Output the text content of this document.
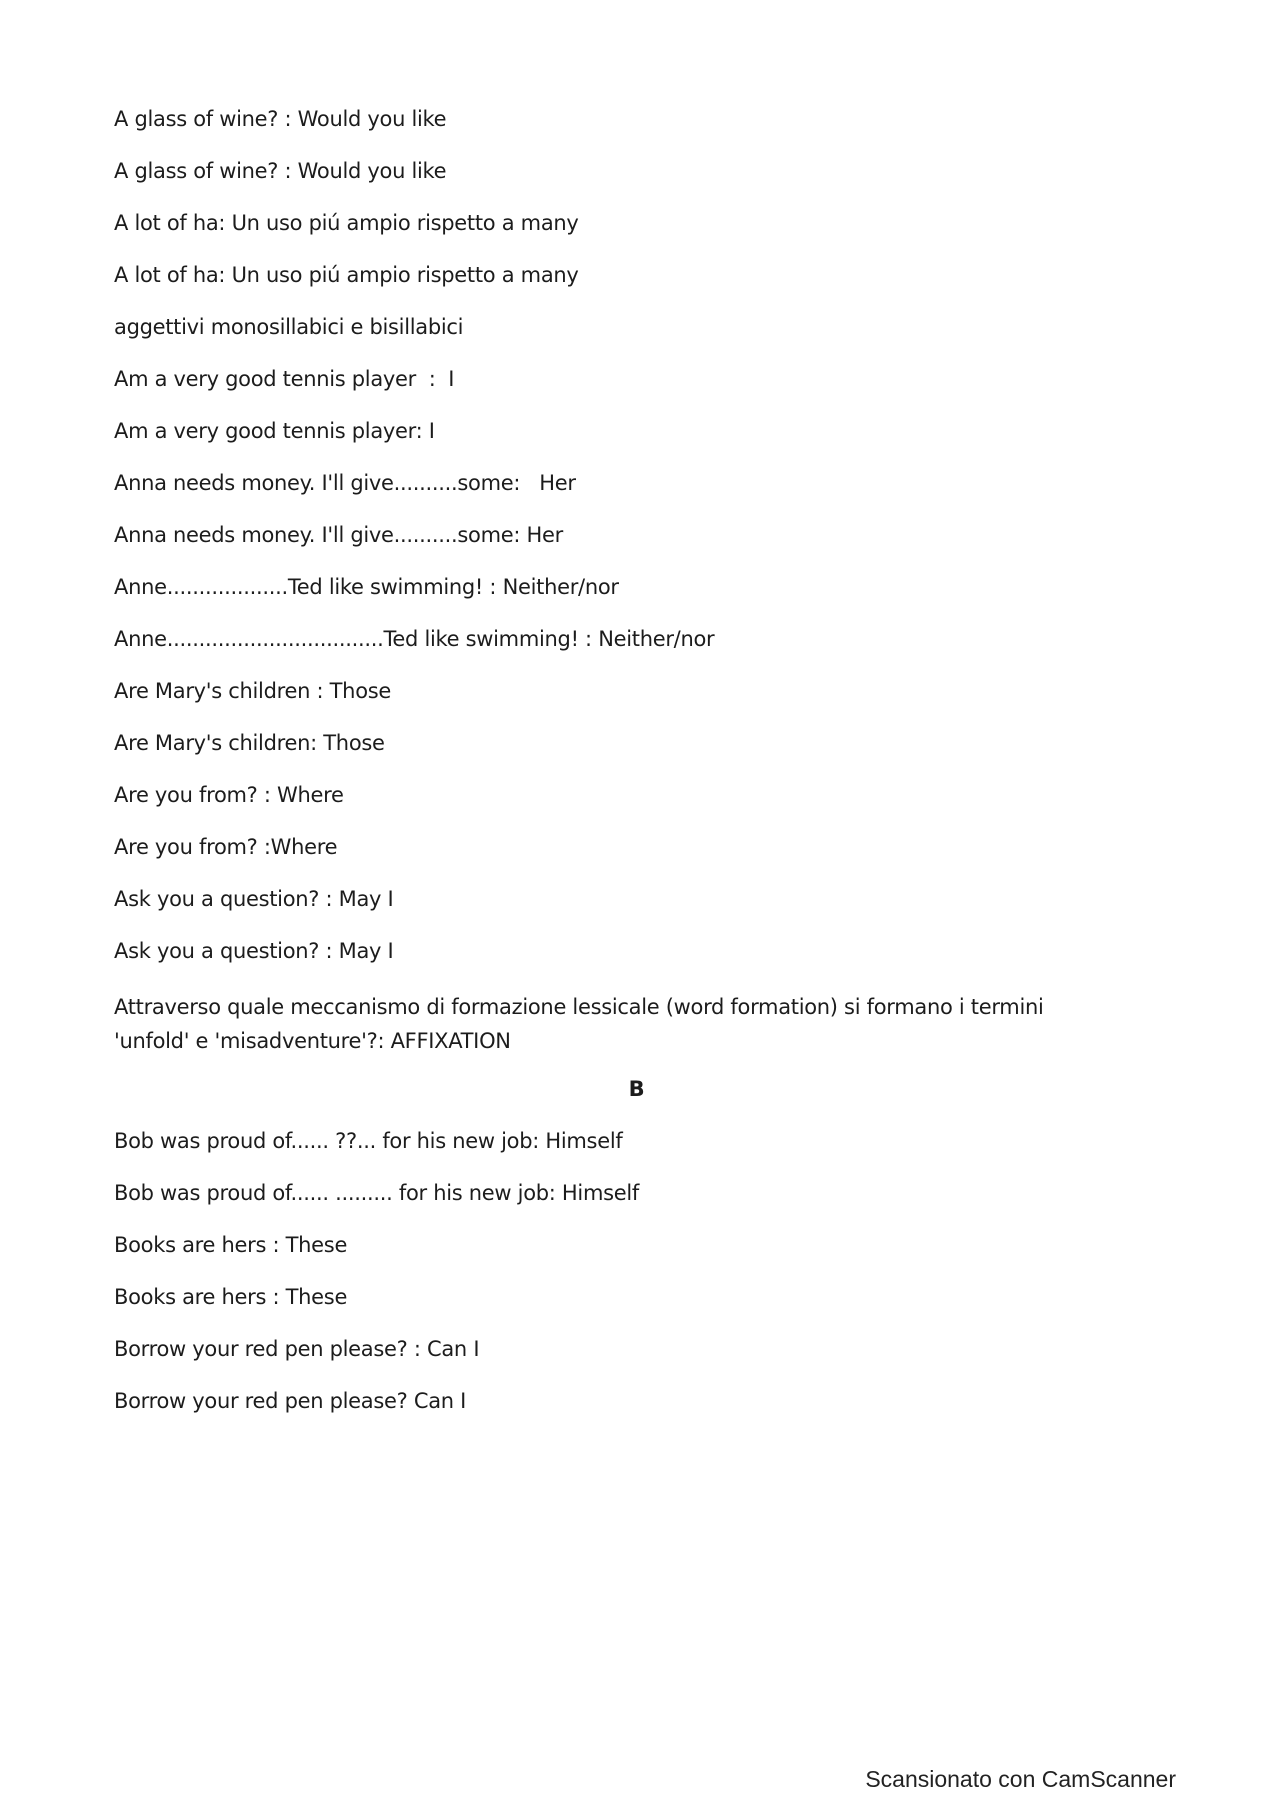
A glass of wine? : Would you like
A glass of wine? : Would you like
A lot of ha: Un uso piú ampio rispetto a many
A lot of ha: Un uso piú ampio rispetto a many
aggettivi monosillabici e bisillabici
Am a very good tennis player  :  I
Am a very good tennis player: I
Anna needs money. I'll give..........some:   Her
Anna needs money. I'll give..........some: Her
Anne...................Ted like swimming! : Neither/nor
Anne..................................Ted like swimming! : Neither/nor
Are Mary's children : Those
Are Mary's children: Those
Are you from? : Where
Are you from? :Where
Ask you a question? : May I
Ask you a question? : May I
Attraverso quale meccanismo di formazione lessicale (word formation) si formano i termini
'unfold' e 'misadventure'?: AFFIXATION
B
Bob was proud of...... ??... for his new job: Himself
Bob was proud of...... ......... for his new job: Himself
Books are hers : These
Books are hers : These
Borrow your red pen please? : Can I
Borrow your red pen please? Can I
Scansionato con CamScanner
